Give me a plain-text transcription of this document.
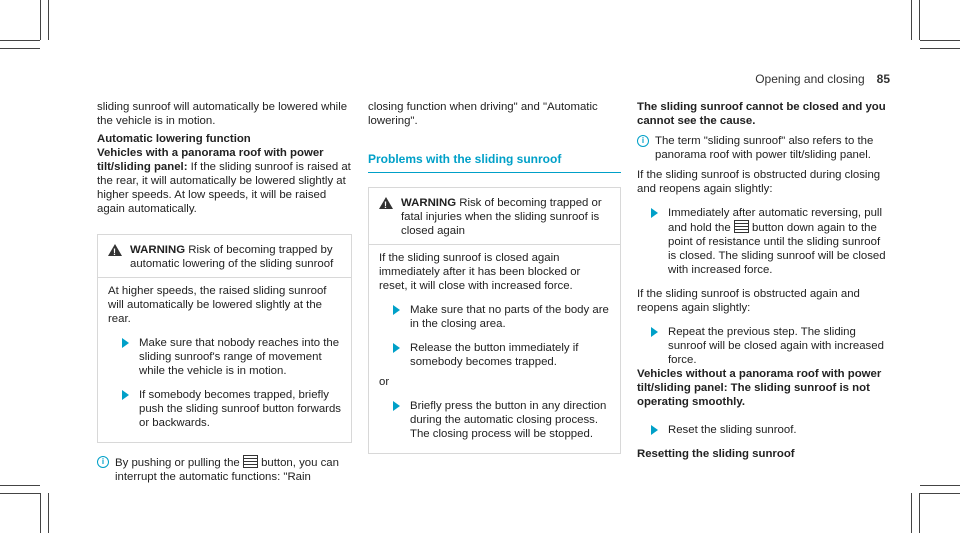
Opening and closing 85

sliding sunroof will automatically be lowered while the vehicle is in motion.

Automatic lowering function

Vehicles with a panorama roof with power tilt/sliding panel: If the sliding sunroof is raised at the rear, it will automatically be lowered slightly at higher speeds. At low speeds, it will be raised again automatically.

!

WARNING Risk of becoming trapped by automatic lowering of the sliding sunroof

At higher speeds, the raised sliding sunroof will automatically be lowered slightly at the rear.

Make sure that nobody reaches into the sliding sunroof's range of movement while the vehicle is in motion.

If somebody becomes trapped, briefly push the sliding sunroof button forwards or backwards.

i By pushing or pulling the  button, you can interrupt the automatic functions: "Rain

closing function when driving" and "Automatic lowering".

Problems with the sliding sunroof

!

WARNING Risk of becoming trapped or fatal injuries when the sliding sunroof is closed again

If the sliding sunroof is closed again immediately after it has been blocked or reset, it will close with increased force.

Make sure that no parts of the body are in the closing area.

Release the button immediately if somebody becomes trapped.

or

Briefly press the button in any direction during the automatic closing process. The closing process will be stopped.

The sliding sunroof cannot be closed and you cannot see the cause.

i The term "sliding sunroof" also refers to the panorama roof with power tilt/sliding panel.

If the sliding sunroof is obstructed during closing and reopens again slightly:

Immediately after automatic reversing, pull and hold the  button down again to the point of resistance until the sliding sunroof is closed. The sliding sunroof will be closed with increased force.

If the sliding sunroof is obstructed again and reopens again slightly:

Repeat the previous step. The sliding sunroof will be closed again with increased force.

Vehicles without a panorama roof with power tilt/sliding panel: The sliding sunroof is not operating smoothly.

Reset the sliding sunroof.

Resetting the sliding sunroof
